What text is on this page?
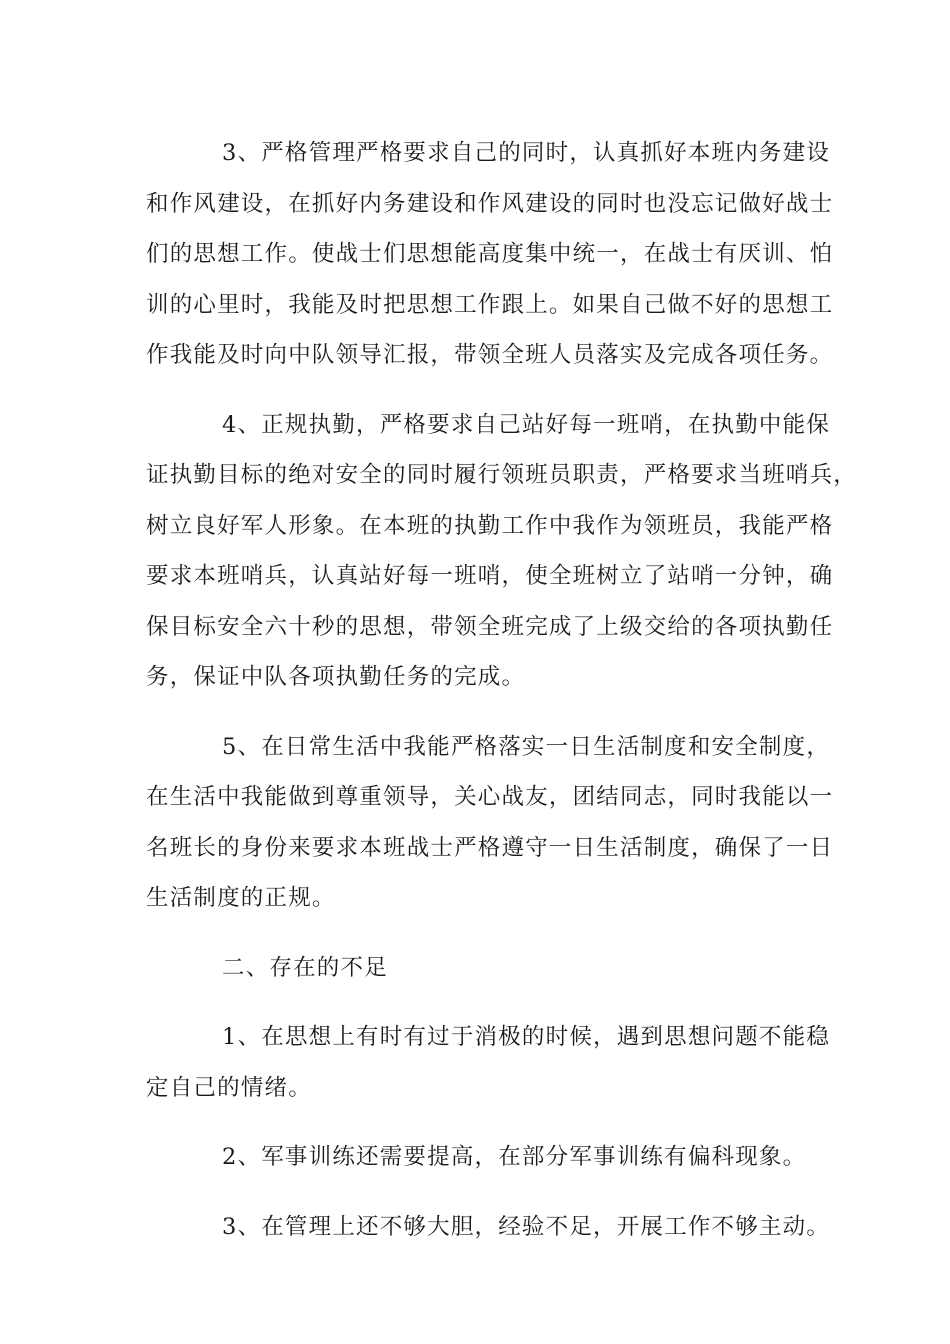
3、严格管理严格要求自己的同时，认真抓好本班内务建设
和作风建设，在抓好内务建设和作风建设的同时也没忘记做好战士
们的思想工作。使战士们思想能高度集中统一，在战士有厌训、怕
训的心里时，我能及时把思想工作跟上。如果自己做不好的思想工
作我能及时向中队领导汇报，带领全班人员落实及完成各项任务。

4、正规执勤，严格要求自己站好每一班哨，在执勤中能保
证执勤目标的绝对安全的同时履行领班员职责，严格要求当班哨兵，
树立良好军人形象。在本班的执勤工作中我作为领班员，我能严格
要求本班哨兵，认真站好每一班哨，使全班树立了站哨一分钟，确
保目标安全六十秒的思想，带领全班完成了上级交给的各项执勤任
务，保证中队各项执勤任务的完成。

5、在日常生活中我能严格落实一日生活制度和安全制度，
在生活中我能做到尊重领导，关心战友，团结同志，同时我能以一
名班长的身份来要求本班战士严格遵守一日生活制度，确保了一日
生活制度的正规。

二、存在的不足

1、在思想上有时有过于消极的时候，遇到思想问题不能稳
定自己的情绪。

2、军事训练还需要提高，在部分军事训练有偏科现象。

3、在管理上还不够大胆，经验不足，开展工作不够主动。
